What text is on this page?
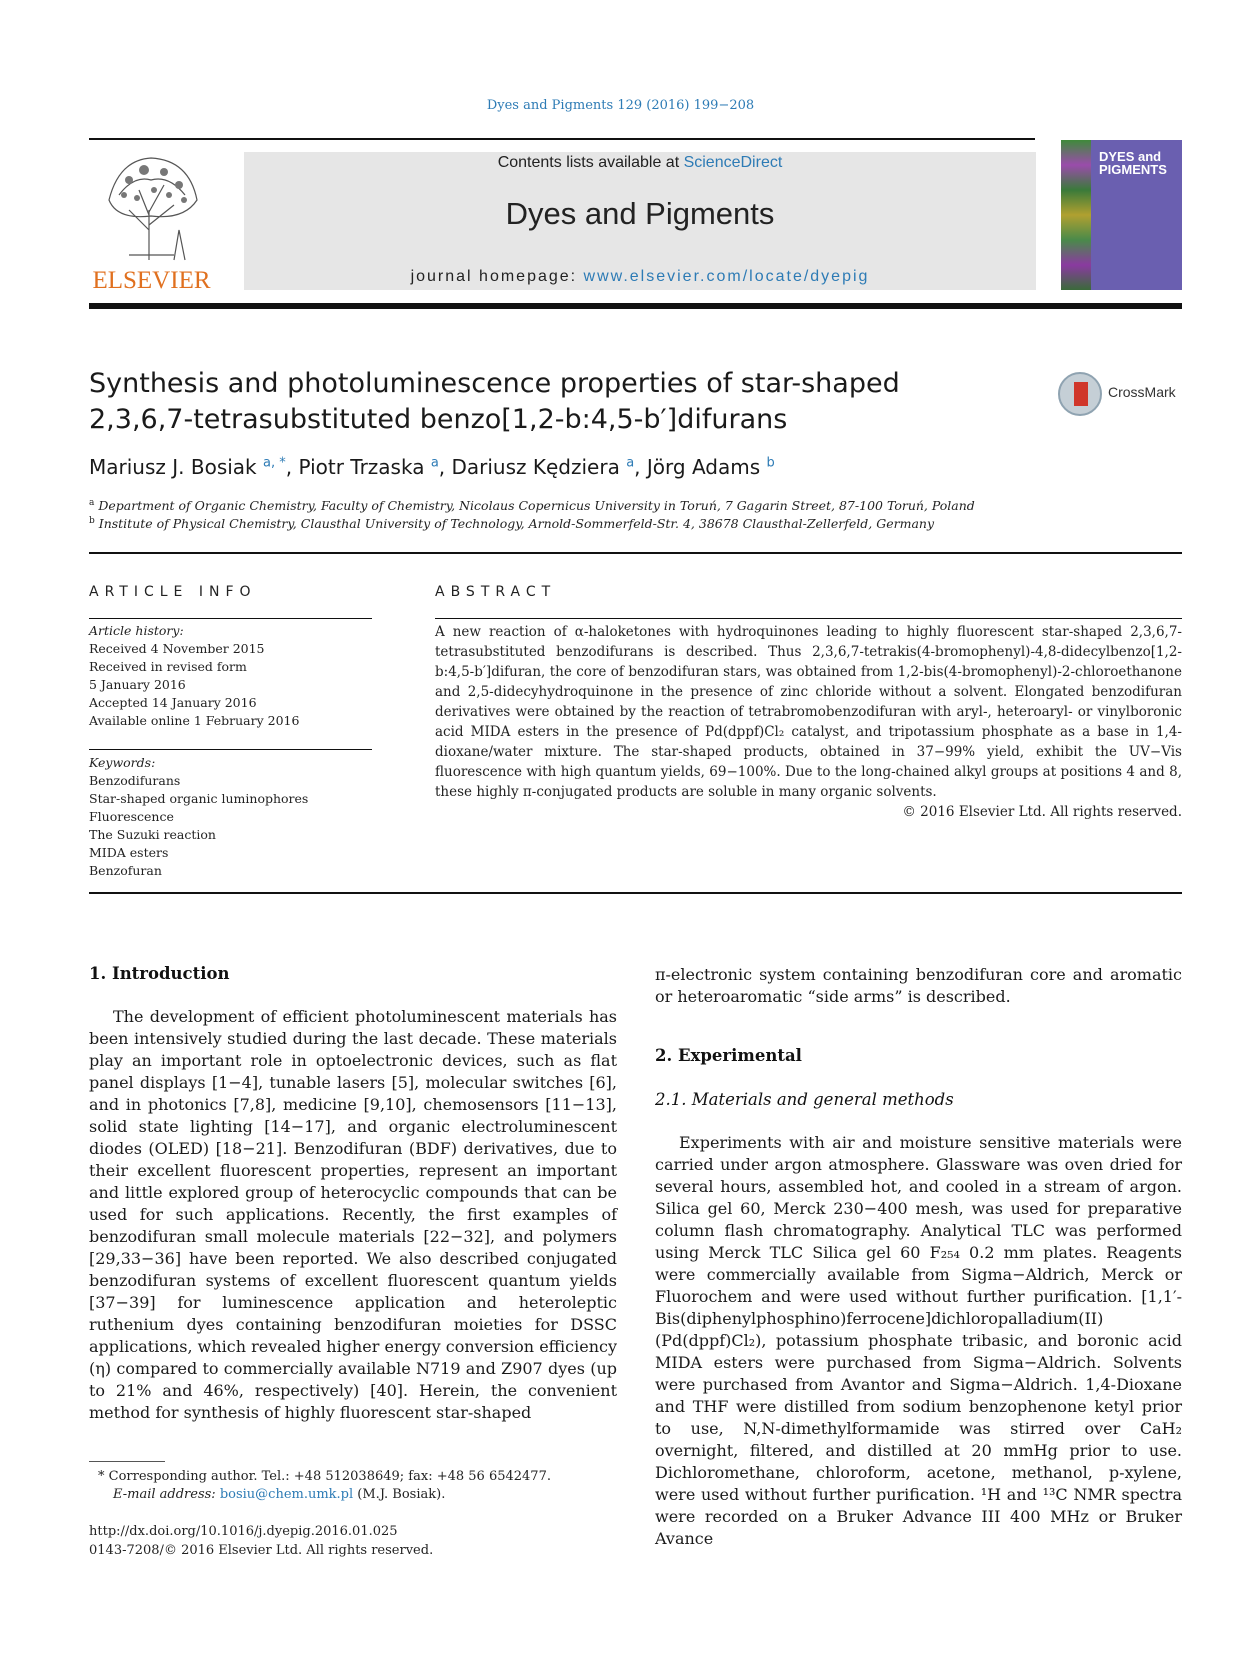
Dyes and Pigments 129 (2016) 199−208
ELSEVIER
Contents lists available at ScienceDirect
Dyes and Pigments
journal homepage: www.elsevier.com/locate/dyepig
DYES and PIGMENTS
Synthesis and photoluminescence properties of star-shaped
2,3,6,7-tetrasubstituted benzo[1,2-b:4,5-b′]difurans
CrossMark
Mariusz J. Bosiak $^{a, *}$, Piotr Trzaska $^a$, Dariusz Kędziera $^a$, Jörg Adams $^b$
$^a$ Department of Organic Chemistry, Faculty of Chemistry, Nicolaus Copernicus University in Toruń, 7 Gagarin Street, 87-100 Toruń, Poland
$^b$ Institute of Physical Chemistry, Clausthal University of Technology, Arnold-Sommerfeld-Str. 4, 38678 Clausthal-Zellerfeld, Germany
ARTICLE INFO
Article history:
Received 4 November 2015
Received in revised form
5 January 2016
Accepted 14 January 2016
Available online 1 February 2016
Keywords:
Benzodifurans
Star-shaped organic luminophores
Fluorescence
The Suzuki reaction
MIDA esters
Benzofuran
ABSTRACT
A new reaction of α-haloketones with hydroquinones leading to highly fluorescent star-shaped 2,3,6,7-tetrasubstituted benzodifurans is described. Thus 2,3,6,7-tetrakis(4-bromophenyl)-4,8-didecylbenzo[1,2-b:4,5-b′]difuran, the core of benzodifuran stars, was obtained from 1,2-bis(4-bromophenyl)-2-chloroethanone and 2,5-didecyhydroquinone in the presence of zinc chloride without a solvent. Elongated benzodifuran derivatives were obtained by the reaction of tetrabromobenzodifuran with aryl-, heteroaryl- or vinylboronic acid MIDA esters in the presence of Pd(dppf)Cl₂ catalyst, and tripotassium phosphate as a base in 1,4-dioxane/water mixture. The star-shaped products, obtained in 37−99% yield, exhibit the UV−Vis fluorescence with high quantum yields, 69−100%. Due to the long-chained alkyl groups at positions 4 and 8, these highly π-conjugated products are soluble in many organic solvents.
© 2016 Elsevier Ltd. All rights reserved.
1. Introduction
The development of efficient photoluminescent materials has been intensively studied during the last decade. These materials play an important role in optoelectronic devices, such as flat panel displays [1−4], tunable lasers [5], molecular switches [6], and in photonics [7,8], medicine [9,10], chemosensors [11−13], solid state lighting [14−17], and organic electroluminescent diodes (OLED) [18−21]. Benzodifuran (BDF) derivatives, due to their excellent fluorescent properties, represent an important and little explored group of heterocyclic compounds that can be used for such applications. Recently, the first examples of benzodifuran small molecule materials [22−32], and polymers [29,33−36] have been reported. We also described conjugated benzodifuran systems of excellent fluorescent quantum yields [37−39] for luminescence application and heteroleptic ruthenium dyes containing benzodifuran moieties for DSSC applications, which revealed higher energy conversion efficiency (η) compared to commercially available N719 and Z907 dyes (up to 21% and 46%, respectively) [40]. Herein, the convenient method for synthesis of highly fluorescent star-shaped
π-electronic system containing benzodifuran core and aromatic or heteroaromatic “side arms” is described.
2. Experimental
2.1. Materials and general methods
Experiments with air and moisture sensitive materials were carried under argon atmosphere. Glassware was oven dried for several hours, assembled hot, and cooled in a stream of argon. Silica gel 60, Merck 230−400 mesh, was used for preparative column flash chromatography. Analytical TLC was performed using Merck TLC Silica gel 60 F₂₅₄ 0.2 mm plates. Reagents were commercially available from Sigma−Aldrich, Merck or Fluorochem and were used without further purification. [1,1′-Bis(diphenylphosphino)ferrocene]dichloropalladium(II) (Pd(dppf)Cl₂), potassium phosphate tribasic, and boronic acid MIDA esters were purchased from Sigma−Aldrich. Solvents were purchased from Avantor and Sigma−Aldrich. 1,4-Dioxane and THF were distilled from sodium benzophenone ketyl prior to use, N,N-dimethylformamide was stirred over CaH₂ overnight, filtered, and distilled at 20 mmHg prior to use. Dichloromethane, chloroform, acetone, methanol, p-xylene, were used without further purification. ¹H and ¹³C NMR spectra were recorded on a Bruker Advance III 400 MHz or Bruker Avance
* Corresponding author. Tel.: +48 512038649; fax: +48 56 6542477.
E-mail address: bosiu@chem.umk.pl (M.J. Bosiak).
http://dx.doi.org/10.1016/j.dyepig.2016.01.025
0143-7208/© 2016 Elsevier Ltd. All rights reserved.
